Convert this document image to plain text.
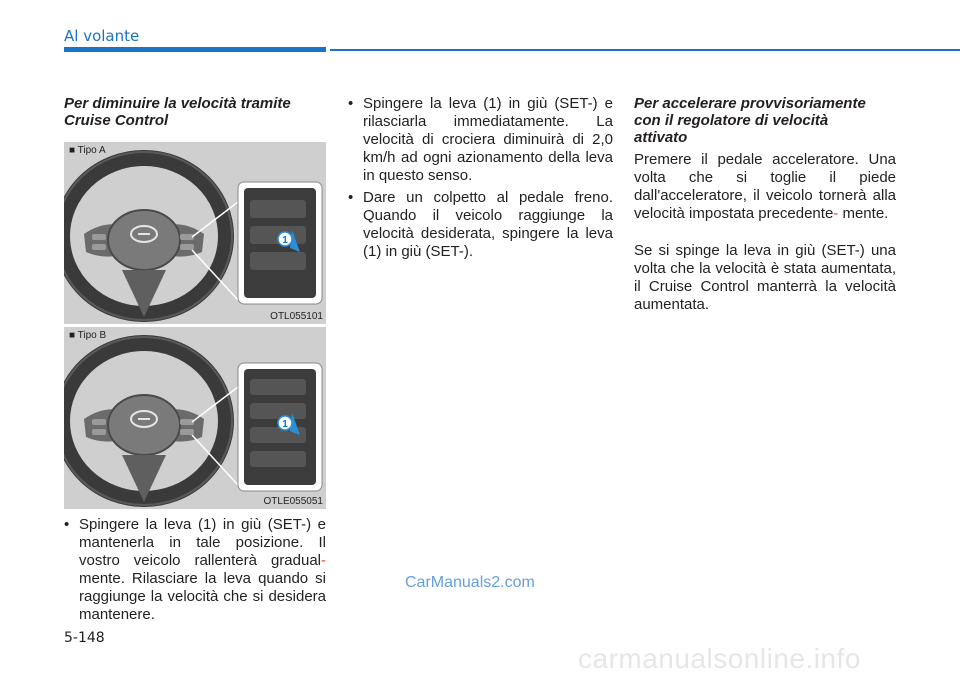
Al volante
Per diminuire la velocità tramite
Cruise Control
1
■ Tipo A
OTL055101
1
■ Tipo B
OTLE055051
• Spingere la leva (1) in giù (SET-) e mantenerla in tale posizione. Il vostro veicolo rallenterà gradual- mente. Rilasciare la leva quando si raggiunge la velocità che si desidera mantenere.
• Spingere la leva (1) in giù (SET-) e rilasciarla immediatamente. La velocità di crociera diminuirà di 2,0 km/h ad ogni azionamento della leva in questo senso.
• Dare un colpetto al pedale freno. Quando il veicolo raggiunge la velocità desiderata, spingere la leva (1) in giù (SET-).
Per accelerare provvisoriamente
con il regolatore di velocità
attivato
Premere il pedale acceleratore. Una volta che si toglie il piede dall'acceleratore, il veicolo tornerà alla velocità impostata precedente- mente.
Se si spinge la leva in giù (SET-) una volta che la velocità è stata aumentata, il Cruise Control manterrà la velocità aumentata.
5-148
CarManuals2.com
carmanualsonline.info
